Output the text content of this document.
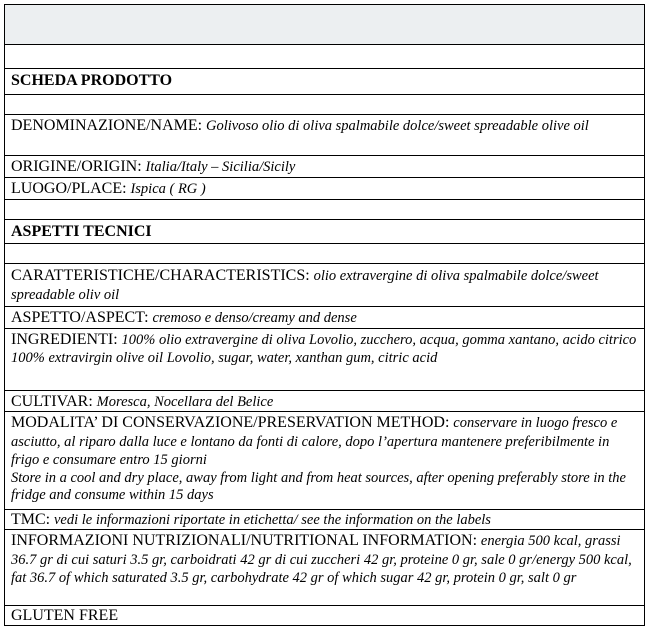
SCHEDA PRODOTTO
DENOMINAZIONE/NAME: Golivoso olio di oliva spalmabile dolce/sweet spreadable olive oil
ORIGINE/ORIGIN: Italia/Italy – Sicilia/Sicily
LUOGO/PLACE: Ispica ( RG )
ASPETTI TECNICI
CARATTERISTICHE/CHARACTERISTICS: olio extravergine di oliva spalmabile dolce/sweet spreadable oliv oil
ASPETTO/ASPECT: cremoso e denso/creamy and dense
INGREDIENTI: 100% olio extravergine di oliva Lovolio, zucchero, acqua, gomma xantano, acido citrico
100% extravirgin olive oil Lovolio, sugar, water, xanthan gum, citric acid
CULTIVAR: Moresca, Nocellara del Belice
MODALITA’ DI CONSERVAZIONE/PRESERVATION METHOD: conservare in luogo fresco e asciutto, al riparo dalla luce e lontano da fonti di calore, dopo l’apertura mantenere preferibilmente in frigo e consumare entro 15 giorni
Store in a cool and dry place, away from light and from heat sources, after opening preferably store in the fridge and consume within 15 days
TMC: vedi le informazioni riportate in etichetta/ see the information on the labels
INFORMAZIONI NUTRIZIONALI/NUTRITIONAL INFORMATION: energia 500 kcal, grassi 36.7 gr di cui saturi 3.5 gr, carboidrati 42 gr di cui zuccheri 42 gr, proteine 0 gr, sale 0 gr/energy 500 kcal, fat 36.7 of which saturated 3.5 gr, carbohydrate 42 gr of which sugar 42 gr, protein 0 gr, salt 0 gr
GLUTEN FREE
